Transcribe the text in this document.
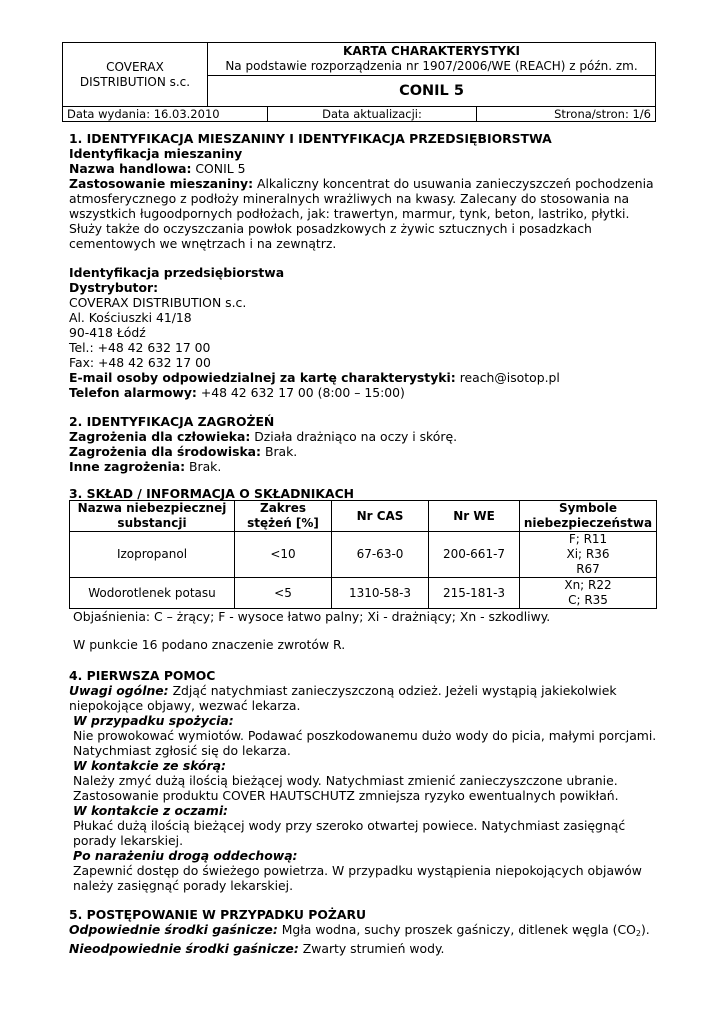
COVERAX
DISTRIBUTION s.c.

KARTA CHARAKTERYSTYKI
Na podstawie rozporządzenia nr 1907/2006/WE (REACH) z późn. zm.

CONIL 5
Data wydania: 16.03.2010	Data aktualizacji:	Strona/stron: 1/6

1. IDENTYFIKACJA MIESZANINY I IDENTYFIKACJA PRZEDSIĘBIORSTWA

Identyfikacja mieszaniny

Nazwa handlowa: CONIL 5

Zastosowanie mieszaniny: Alkaliczny koncentrat do usuwania zanieczyszczeń pochodzenia atmosferycznego z podłoży mineralnych wrażliwych na kwasy. Zalecany do stosowania na wszystkich ługoodpornych podłożach, jak: trawertyn, marmur, tynk, beton, lastriko, płytki. Służy także do oczyszczania powłok posadzkowych z żywic sztucznych i posadzkach cementowych we wnętrzach i na zewnątrz.

Identyfikacja przedsiębiorstwa

Dystrybutor:

COVERAX DISTRIBUTION s.c.

Al. Kościuszki 41/18

90-418 Łódź

Tel.: +48 42 632 17 00

Fax: +48 42 632 17 00

E-mail osoby odpowiedzialnej za kartę charakterystyki: reach@isotop.pl

Telefon alarmowy: +48 42 632 17 00 (8:00 – 15:00)

2. IDENTYFIKACJA ZAGROŻEŃ

Zagrożenia dla człowieka: Działa drażniąco na oczy i skórę.

Zagrożenia dla środowiska: Brak.

Inne zagrożenia: Brak.

3. SKŁAD / INFORMACJA O SKŁADNIKACH

Nazwa niebezpiecznej substancji	Zakres stężeń [%]	Nr CAS	Nr WE	Symbole niebezpieczeństwa
Izopropanol	<10	67-63-0	200-661-7	F; R11
Xi; R36
R67

Wodorotlenek potasu	<5	1310-58-3	215-181-3	Xn; R22
C; R35

Objaśnienia: C – żrący; F - wysoce łatwo palny; Xi - drażniący; Xn - szkodliwy.

W punkcie 16 podano znaczenie zwrotów R.

4. PIERWSZA POMOC

Uwagi ogólne: Zdjąć natychmiast zanieczyszczoną odzież. Jeżeli wystąpią jakiekolwiek niepokojące objawy, wezwać lekarza.

W przypadku spożycia:

Nie prowokować wymiotów. Podawać poszkodowanemu dużo wody do picia, małymi porcjami. Natychmiast zgłosić się do lekarza.

W kontakcie ze skórą:

Należy zmyć dużą ilością bieżącej wody. Natychmiast zmienić zanieczyszczone ubranie. Zastosowanie produktu COVER HAUTSCHUTZ zmniejsza ryzyko ewentualnych powikłań.

W kontakcie z oczami:

Płukać dużą ilością bieżącej wody przy szeroko otwartej powiece. Natychmiast zasięgnąć porady lekarskiej.

Po narażeniu drogą oddechową:

Zapewnić dostęp do świeżego powietrza. W przypadku wystąpienia niepokojących objawów należy zasięgnąć porady lekarskiej.

5. POSTĘPOWANIE W PRZYPADKU POŻARU

Odpowiednie środki gaśnicze: Mgła wodna, suchy proszek gaśniczy, ditlenek węgla $(CO_2)$.

Nieodpowiednie środki gaśnicze: Zwarty strumień wody.
